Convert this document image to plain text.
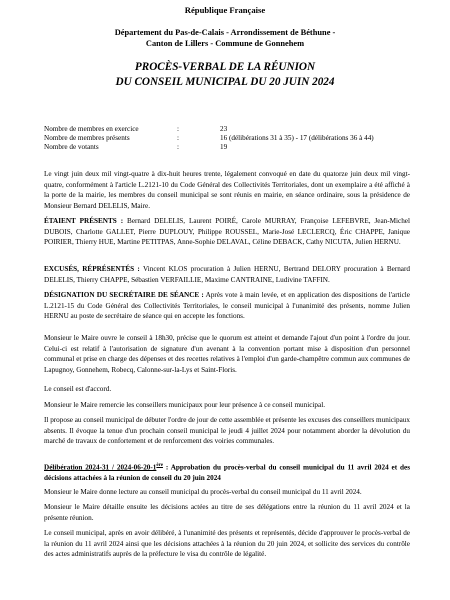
République Française
Département du Pas-de-Calais - Arrondissement de Béthune -
Canton de Lillers - Commune de Gonnehem
PROCÈS-VERBAL DE LA RÉUNION
DU CONSEIL MUNICIPAL DU 20 JUIN 2024
Nombre de membres en exercice	:	23
Nombre de membres présents	:	16 (délibérations 31 à 35) - 17 (délibérations 36 à 44)
Nombre de votants	:	19

Le vingt juin deux mil vingt-quatre à dix-huit heures trente, légalement convoqué en date du quatorze juin deux mil vingt-quatre, conformément à l'article L.2121-10 du Code Général des Collectivités Territoriales, dont un exemplaire a été affiché à la porte de la mairie, les membres du conseil municipal se sont réunis en mairie, en séance ordinaire, sous la présidence de Monsieur Bernard DELELIS, Maire.

ÉTAIENT PRÉSENTS : Bernard DELELIS, Laurent POIRÉ, Carole MURRAY, Françoise LEFEBVRE, Jean-Michel DUBOIS, Charlotte GALLET, Pierre DUPLOUY, Philippe ROUSSEL, Marie-José LECLERCQ, Éric CHAPPE, Janique POIRIER, Thierry HUE, Martine PETITPAS, Anne-Sophie DELAVAL, Céline DEBACK, Cathy NICUTA, Julien HERNU.

EXCUSÉS, RÉPRÉSENTÉS : Vincent KLOS procuration à Julien HERNU, Bertrand DELORY procuration à Bernard DELELIS, Thierry CHAPPE, Sébastien VERFAILLIE, Maxime CANTRAINE, Ludivine TAFFIN.

DÉSIGNATION DU SECRÉTAIRE DE SÉANCE : Après vote à main levée, et en application des dispositions de l'article L.2121-15 du Code Général des Collectivités Territoriales, le conseil municipal à l'unanimité des présents, nomme Julien HERNU au poste de secrétaire de séance qui en accepte les fonctions.

Monsieur le Maire ouvre le conseil à 18h30, précise que le quorum est atteint et demande l'ajout d'un point à l'ordre du jour. Celui-ci est relatif à l'autorisation de signature d'un avenant à la convention portant mise à disposition d'un personnel communal et prise en charge des dépenses et des recettes relatives à l'emploi d'un garde-champêtre commun aux communes de Lapugnoy, Gonnehem, Robecq, Calonne-sur-la-Lys et Saint-Floris.

Le conseil est d'accord.

Monsieur le Maire remercie les conseillers municipaux pour leur présence à ce conseil municipal.

Il propose au conseil municipal de débuter l'ordre de jour de cette assemblée et présente les excuses des conseillers municipaux absents. Il évoque la tenue d'un prochain conseil municipal le jeudi 4 juillet 2024 pour notamment aborder la dévolution du marché de travaux de confortement et de renforcement des voiries communales.

Délibération 2024-31 / 2024-06-20-1ère : Approbation du procès-verbal du conseil municipal du 11 avril 2024 et des décisions attachées à la réunion de conseil du 20 juin 2024

Monsieur le Maire donne lecture au conseil municipal du procès-verbal du conseil municipal du 11 avril 2024.

Monsieur le Maire détaille ensuite les décisions actées au titre de ses délégations entre la réunion du 11 avril 2024 et la présente réunion.

Le conseil municipal, après en avoir délibéré, à l'unanimité des présents et représentés, décide d'approuver le procès-verbal de la réunion du 11 avril 2024 ainsi que les décisions attachées à la réunion du 20 juin 2024, et sollicite des services du contrôle des actes administratifs auprès de la préfecture le visa du contrôle de légalité.
